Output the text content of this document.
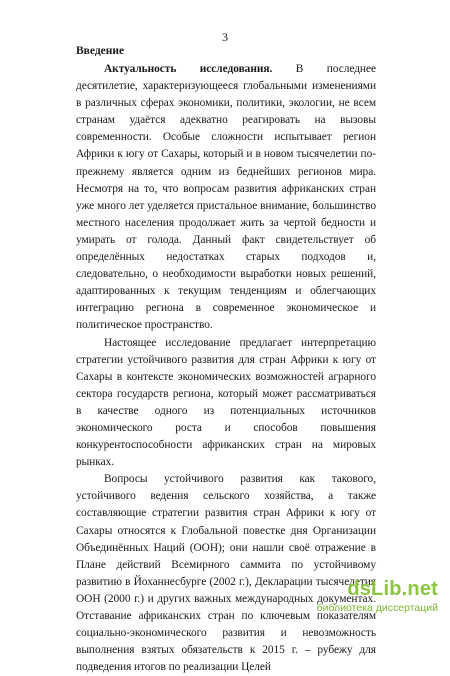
3
Введение

Актуальность исследования. В последнее десятилетие, характеризующееся глобальными изменениями в различных сферах экономики, политики, экологии, не всем странам удаётся адекватно реагировать на вызовы современности. Особые сложности испытывает регион Африки к югу от Сахары, который и в новом тысячелетии по-прежнему является одним из беднейших регионов мира. Несмотря на то, что вопросам развития африканских стран уже много лет уделяется пристальное внимание, большинство местного населения продолжает жить за чертой бедности и умирать от голода. Данный факт свидетельствует об определённых недостатках старых подходов и, следовательно, о необходимости выработки новых решений, адаптированных к текущим тенденциям и облегчающих интеграцию региона в современное экономическое и политическое пространство.

Настоящее исследование предлагает интерпретацию стратегии устойчивого развития для стран Африки к югу от Сахары в контексте экономических возможностей аграрного сектора государств региона, который может рассматриваться в качестве одного из потенциальных источников экономического роста и способов повышения конкурентоспособности африканских стран на мировых рынках.

Вопросы устойчивого развития как такового, устойчивого ведения сельского хозяйства, а также составляющие стратегии развития стран Африки к югу от Сахары относятся к Глобальной повестке дня Организации Объединённых Наций (ООН); они нашли своё отражение в Плане действий Всемирного саммита по устойчивому развитию в Йоханнесбурге (2002 г.), Декларации тысячелетия ООН (2000 г.) и других важных международных документах. Отставание африканских стран по ключевым показателям социально-экономического развития и невозможность выполнения взятых обязательств к 2015 г. – рубежу для подведения итогов по реализации Целей

dsLib.net
библиотека диссертаций
